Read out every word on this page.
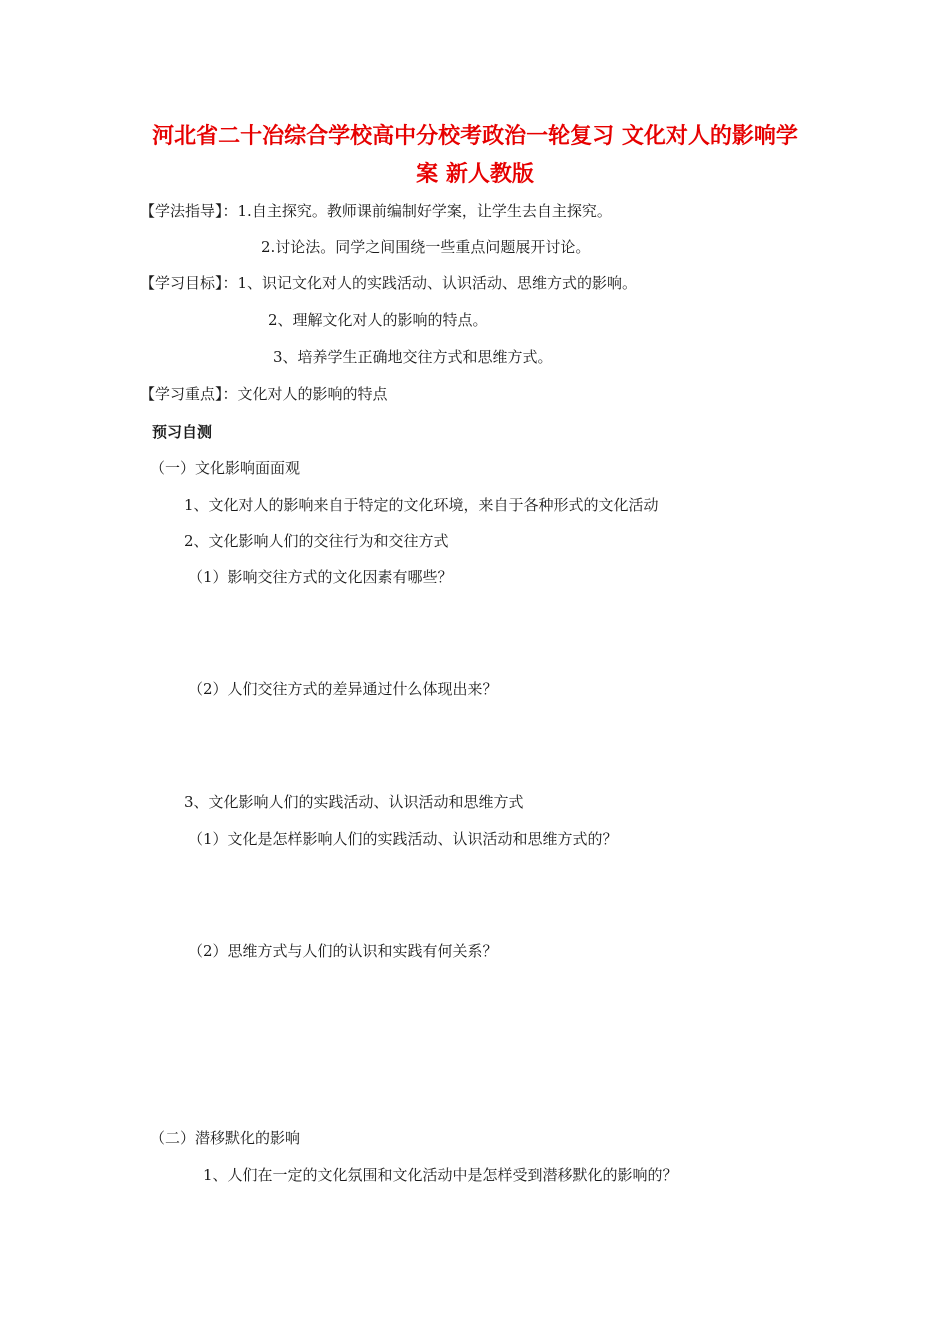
河北省二十冶综合学校高中分校考政治一轮复习 文化对人的影响学
案 新人教版
【学法指导】：1.自主探究。教师课前编制好学案，让学生去自主探究。
2.讨论法。同学之间围绕一些重点问题展开讨论。
【学习目标】：1、识记文化对人的实践活动、认识活动、思维方式的影响。
2、理解文化对人的影响的特点。
3、培养学生正确地交往方式和思维方式。
【学习重点】：文化对人的影响的特点
预习自测
（一）文化影响面面观
1、文化对人的影响来自于特定的文化环境，来自于各种形式的文化活动
2、文化影响人们的交往行为和交往方式
（1）影响交往方式的文化因素有哪些？
（2）人们交往方式的差异通过什么体现出来？
3、文化影响人们的实践活动、认识活动和思维方式
（1）文化是怎样影响人们的实践活动、认识活动和思维方式的？
（2）思维方式与人们的认识和实践有何关系？
（二）潜移默化的影响
1、人们在一定的文化氛围和文化活动中是怎样受到潜移默化的影响的？
